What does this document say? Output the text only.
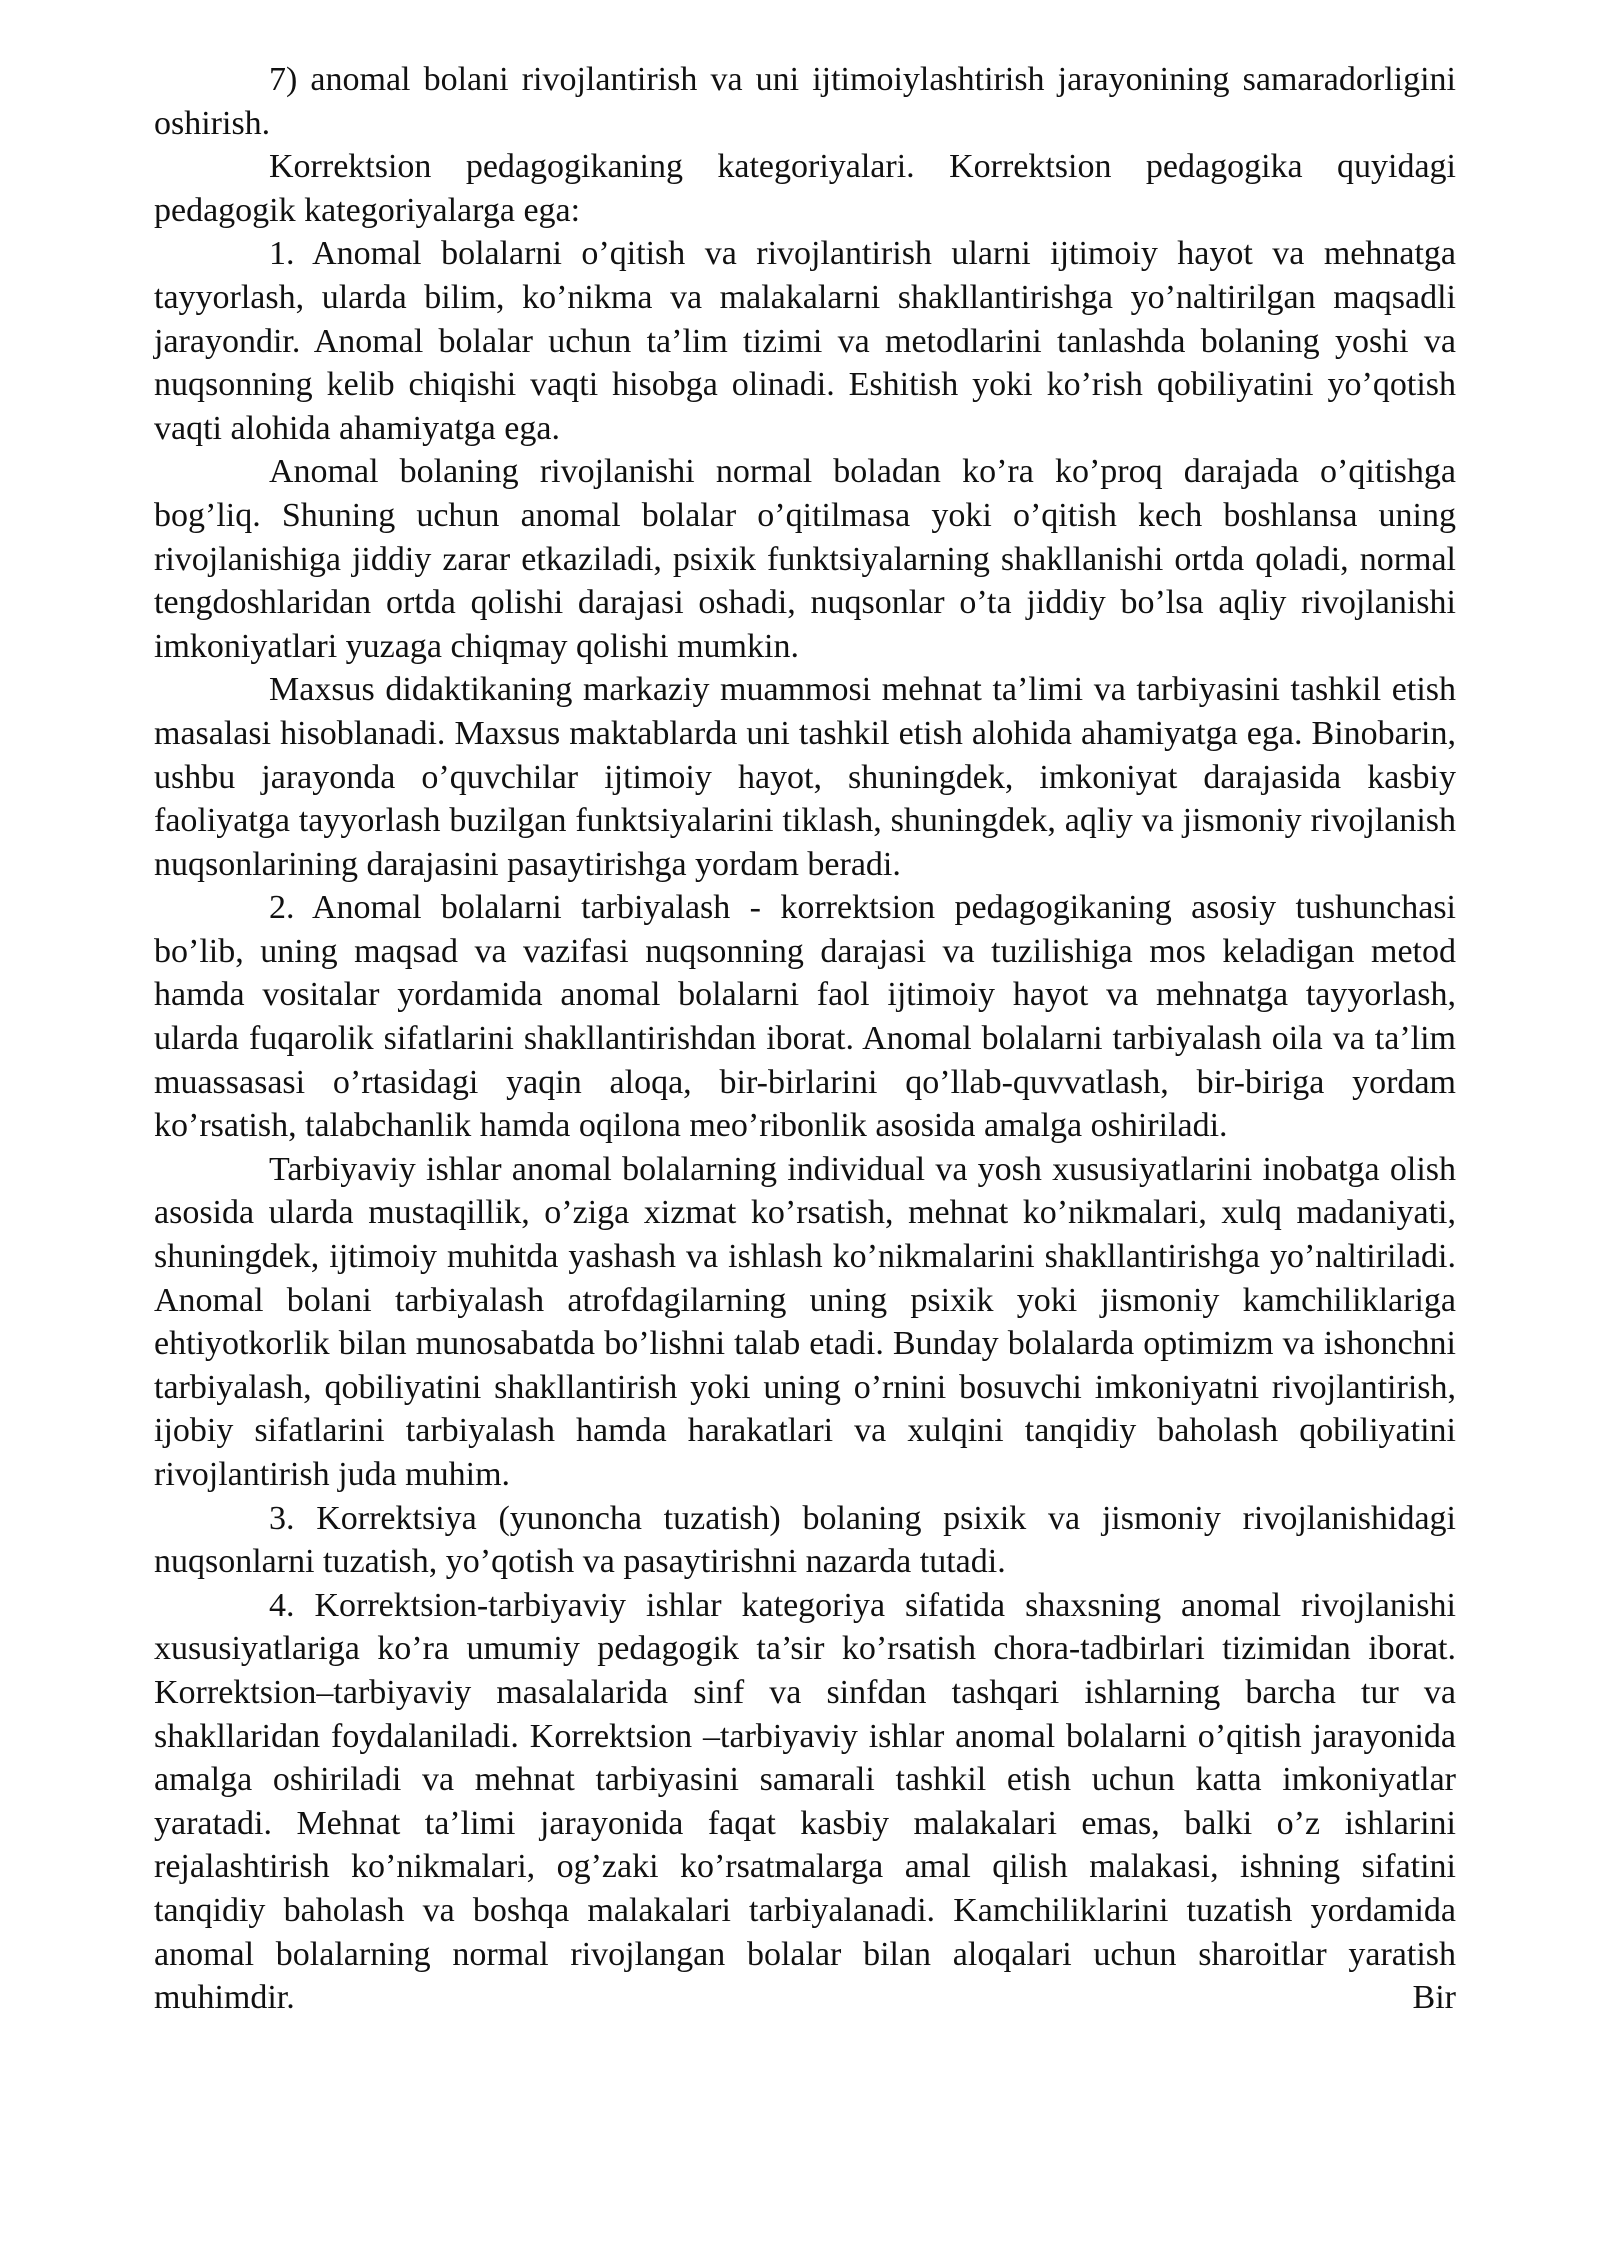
7) anomal bolani rivojlantirish va uni ijtimoiylashtirish jarayonining samaradorligini oshirish.

Korrektsion pedagogikaning kategoriyalari. Korrektsion pedagogika quyidagi pedagogik kategoriyalarga ega:

1. Anomal bolalarni o’qitish va rivojlantirish ularni ijtimoiy hayot va mehnatga tayyorlash, ularda bilim, ko’nikma va malakalarni shakllantirishga yo’naltirilgan maqsadli jarayondir. Anomal bolalar uchun ta’lim tizimi va metodlarini tanlashda bolaning yoshi va nuqsonning kelib chiqishi vaqti hisobga olinadi. Eshitish yoki ko’rish qobiliyatini yo’qotish vaqti alohida ahamiyatga ega.

Anomal bolaning rivojlanishi normal boladan ko’ra ko’proq darajada o’qitishga bog’liq. Shuning uchun anomal bolalar o’qitilmasa yoki o’qitish kech boshlansa uning rivojlanishiga jiddiy zarar etkaziladi, psixik funktsiyalarning shakllanishi ortda qoladi, normal tengdoshlaridan ortda qolishi darajasi oshadi, nuqsonlar o’ta jiddiy bo’lsa aqliy rivojlanishi imkoniyatlari yuzaga chiqmay qolishi mumkin.

Maxsus didaktikaning markaziy muammosi mehnat ta’limi va tarbiyasini tashkil etish masalasi hisoblanadi. Maxsus maktablarda uni tashkil etish alohida ahamiyatga ega. Binobarin, ushbu jarayonda o’quvchilar ijtimoiy hayot, shuningdek, imkoniyat darajasida kasbiy faoliyatga tayyorlash buzilgan funktsiyalarini tiklash, shuningdek, aqliy va jismoniy rivojlanish nuqsonlarining darajasini pasaytirishga yordam beradi.

2. Anomal bolalarni tarbiyalash - korrektsion pedagogikaning asosiy tushunchasi bo’lib, uning maqsad va vazifasi nuqsonning darajasi va tuzilishiga mos keladigan metod hamda vositalar yordamida anomal bolalarni faol ijtimoiy hayot va mehnatga tayyorlash, ularda fuqarolik sifatlarini shakllantirishdan iborat. Anomal bolalarni tarbiyalash oila va ta’lim muassasasi o’rtasidagi yaqin aloqa, bir-birlarini qo’llab-quvvatlash, bir-biriga yordam ko’rsatish, talabchanlik hamda oqilona meo’ribonlik asosida amalga oshiriladi.

Tarbiyaviy ishlar anomal bolalarning individual va yosh xususiyatlarini inobatga olish asosida ularda mustaqillik, o’ziga xizmat ko’rsatish, mehnat ko’nikmalari, xulq madaniyati, shuningdek, ijtimoiy muhitda yashash va ishlash ko’nikmalarini shakllantirishga yo’naltiriladi. Anomal bolani tarbiyalash atrofdagilarning uning psixik yoki jismoniy kamchiliklariga ehtiyotkorlik bilan munosabatda bo’lishni talab etadi. Bunday bolalarda optimizm va ishonchni tarbiyalash, qobiliyatini shakllantirish yoki uning o’rnini bosuvchi imkoniyatni rivojlantirish, ijobiy sifatlarini tarbiyalash hamda harakatlari va xulqini tanqidiy baholash qobiliyatini rivojlantirish juda muhim.

3. Korrektsiya (yunoncha tuzatish) bolaning psixik va jismoniy rivojlanishidagi nuqsonlarni tuzatish, yo’qotish va pasaytirishni nazarda tutadi.

4. Korrektsion-tarbiyaviy ishlar kategoriya sifatida shaxsning anomal rivojlanishi xususiyatlariga ko’ra umumiy pedagogik ta’sir ko’rsatish chora-tadbirlari tizimidan iborat. Korrektsion–tarbiyaviy masalalarida sinf va sinfdan tashqari ishlarning barcha tur va shakllaridan foydalaniladi. Korrektsion –tarbiyaviy ishlar anomal bolalarni o’qitish jarayonida amalga oshiriladi va mehnat tarbiyasini samarali tashkil etish uchun katta imkoniyatlar yaratadi. Mehnat ta’limi jarayonida faqat kasbiy malakalari emas, balki o’z ishlarini rejalashtirish ko’nikmalari, og’zaki ko’rsatmalarga amal qilish malakasi, ishning sifatini tanqidiy baholash va boshqa malakalari tarbiyalanadi. Kamchiliklarini tuzatish yordamida anomal bolalarning normal rivojlangan bolalar bilan aloqalari uchun sharoitlar yaratish muhimdir. Bir
